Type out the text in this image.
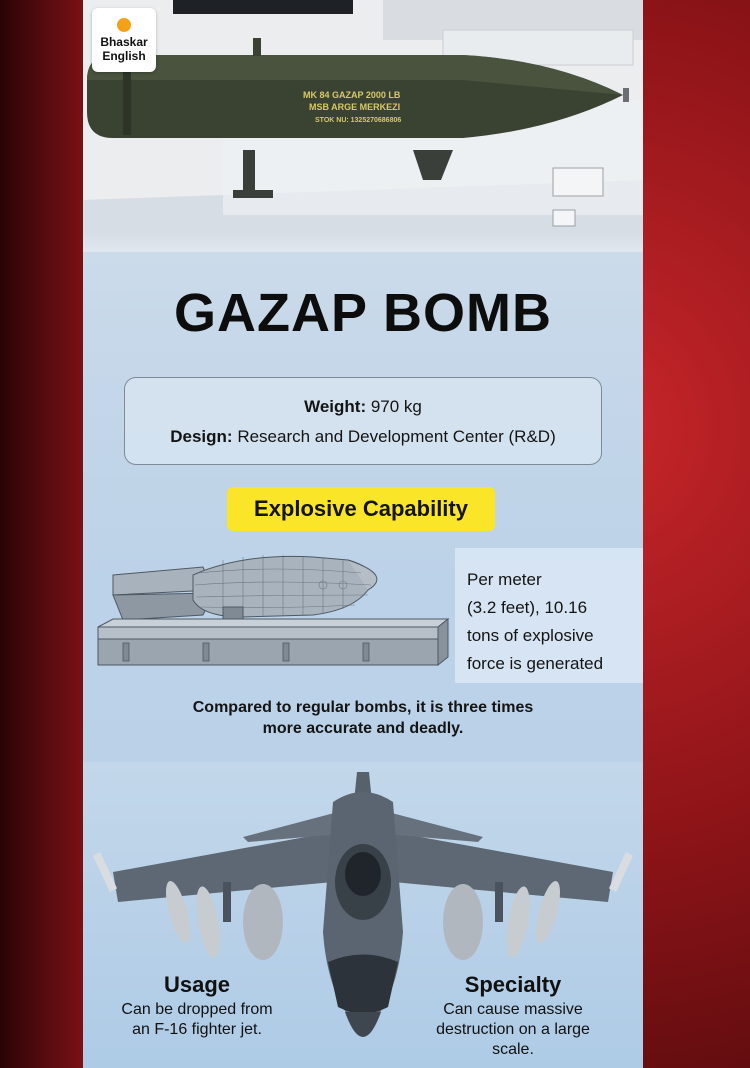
MK 84 GAZAP 2000 LB
MSB ARGE MERKEZI
STOK NU: 1325270686806
Bhaskar
English
GAZAP BOMB
Weight: 970 kg
Design: Research and Development Center (R&D)
Explosive Capability
Per meter
(3.2 feet), 10.16
tons of explosive
force is generated
Compared to regular bombs, it is three times
more accurate and deadly.
Usage
Can be dropped from
an F-16 fighter jet.
Specialty
Can cause massive
destruction on a large
scale.
